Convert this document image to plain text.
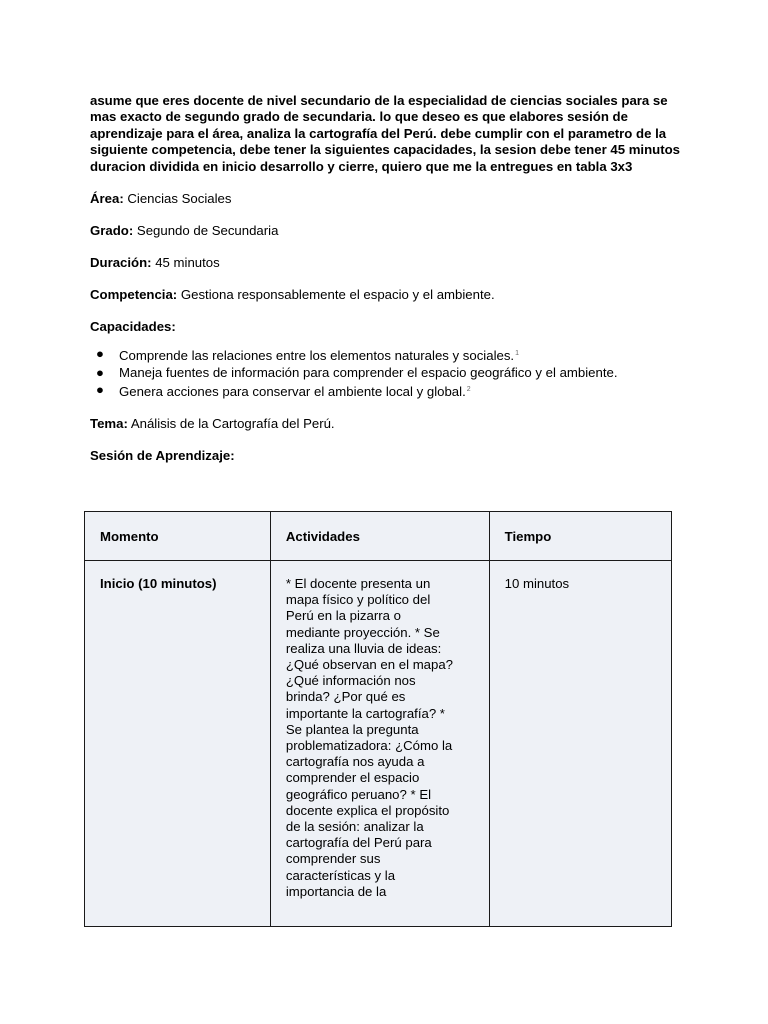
asume que eres docente de nivel secundario de la especialidad de ciencias sociales para se mas exacto de segundo grado de secundaria. lo que deseo es que elabores sesión de aprendizaje para el área, analiza la cartografía del Perú. debe cumplir con el parametro de la siguiente competencia, debe tener la siguientes capacidades, la sesion debe tener 45 minutos duracion dividida en inicio desarrollo y cierre, quiero que me la entregues en tabla 3x3

Área: Ciencias Sociales

Grado: Segundo de Secundaria

Duración: 45 minutos

Competencia: Gestiona responsablemente el espacio y el ambiente.

Capacidades:

● Comprende las relaciones entre los elementos naturales y sociales.$^1$
● Maneja fuentes de información para comprender el espacio geográfico y el ambiente.
● Genera acciones para conservar el ambiente local y global.$^2$

Tema: Análisis de la Cartografía del Perú.

Sesión de Aprendizaje:

Momento	Actividades	Tiempo
Inicio (10 minutos)	* El docente presenta un mapa físico y político del Perú en la pizarra o mediante proyección. * Se realiza una lluvia de ideas: ¿Qué observan en el mapa? ¿Qué información nos brinda? ¿Por qué es importante la cartografía? * Se plantea la pregunta problematizadora: ¿Cómo la cartografía nos ayuda a comprender el espacio geográfico peruano? * El docente explica el propósito de la sesión: analizar la cartografía del Perú para comprender sus características y la importancia de la	10 minutos
